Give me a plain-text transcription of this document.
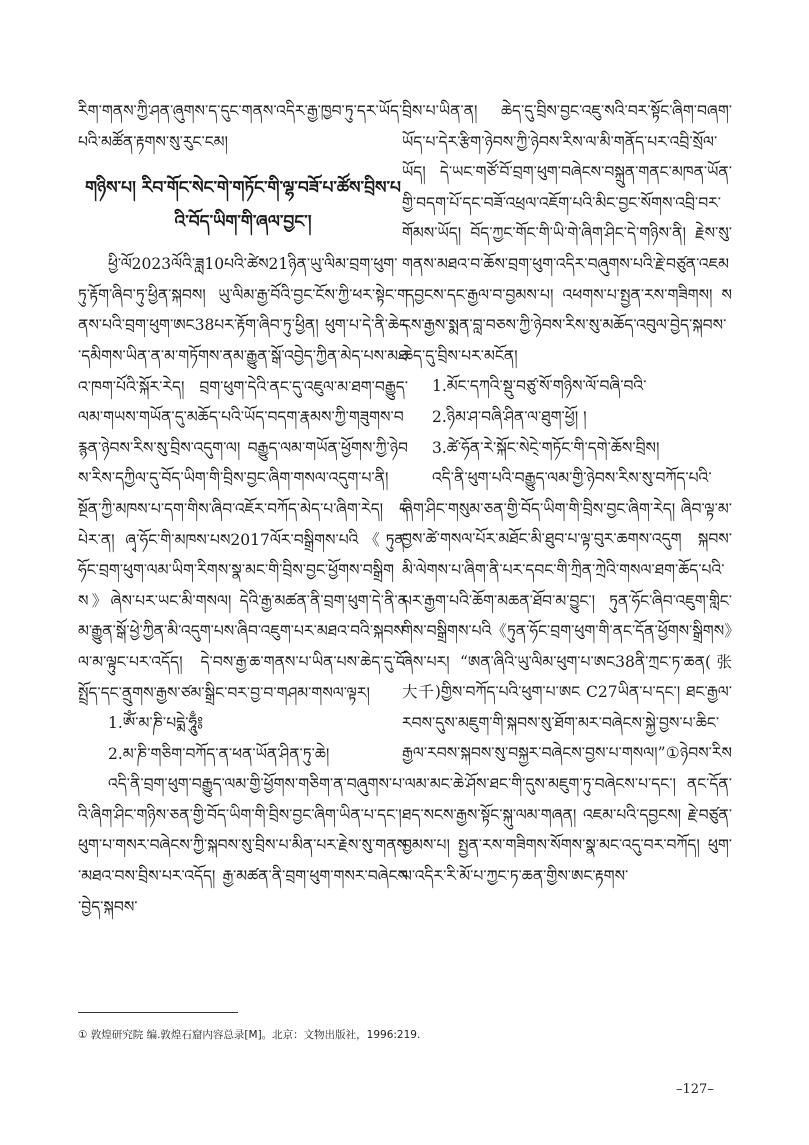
རིག་གནས་ཀྱི་ཤན་ཞུགས་ད་དུང་གནས་འདིར་རྒྱ་ཁྱབ་ཏུ་དར་ཡོད་པའི་མཚོན་རྟགས་སུ་རུང་ངམ།

གཉིས་པ། རིབ་གོང་སེང་གེ་གཏོང་གི་ལྷ་བཟོ་པ་ཚོས་བྲིས་པའི་བོད་ཡིག་གི་ཞལ་བྱང་།

ཕྱི་ལོ2023ལོའི་ཟླ10པའི་ཚེས21ཉིན་ཡུ་ལིམ་བྲག་ཕུག་ཏུ་རྟོག་ཞིབ་ཏུ་ཕྱིན་སྐབས། ཡུ་ལིམ་རྒྱ་བོའི་བྱང་ངོས་ཀྱི་ཕར་སྟེང་གནས་པའི་བྲག་ཕུག་ཨང38པར་རྟོག་ཞིབ་ཏུ་ཕྱིན། ཕུག་པ་དེ་ནི་ཆེད་དམིགས་ཡིན་ན་མ་གཏོགས་ནམ་རྒྱུན་སྒོ་འབྱེད་ཀྱིན་མེད་པས་མཐའ་ཁག་པོའི་སྐོར་རེད། བྲག་ཕུག་དེའི་ནང་དུ་འཇུལ་མ་ཐག་བརྒྱུད་ལམ་གཡས་གཡོན་དུ་མཆོད་པའི་ཡོད་བདག་རྣམས་ཀྱི་གཟུགས་བརྙན་ཉེབས་རིས་སུ་བྲིས་འདུག་ལ། བརྒྱུད་ལམ་གཡོན་ཕྱོགས་ཀྱི་ཉེབས་རིས་དཀྱིལ་དུ་བོད་ཡིག་གི་བྲིས་བྱང་ཞིག་གསལ་འདུག་པ་ནི། སྔོན་ཀྱི་མཁས་པ་དག་གིས་ཞིབ་འཇོར་བཀོད་མེད་པ་ཞིག་རེད། དཔེར་ན། ཞྭ་ཧོང་གི་མཁས་པས2017ལོར་བསྒྲིགས་པའི《ཏུན་ཧོང་བྲག་ཕུག་ལམ་ཡིག་རིགས་སྣ་མང་གི་བྲིས་བྱང་ཕྱོགས་བསྒྲིགས》ཞེས་པར་ཡང་མི་གསལ། དེའི་རྒྱ་མཚན་ནི་བྲག་ཕུག་དེ་ནི་ནམ་རྒྱུན་སྒོ་ཕྱེ་ཀྱིན་མི་འདུག་པས་ཞིབ་འཇུག་པར་མཐའ་བའི་སྐབས་ལ་མ་ལྟུང་པར་འདོད། དེ་བས་རྒྱ་ཆ་གནས་པ་ཡིན་པས་ཆེད་དུ་ངོ་སྤྲོད་དང་ནྲུགས་རྒྱས་ཙམ་སྒྲིང་བར་བྱ་བ་གཤམ་གསལ་ལྟར།

1.ཨོཾ་མ་ཎི་པདྨེ་ཧཱུྃ༔

2.མ་ཎི་གཅིག་བཀོད་ན་ཕན་ཡོན་ཤིན་ཏུ་ཆེ།

འདི་ནི་བྲག་ཕུག་བརྒྱུད་ལམ་གྱི་ཕྱོགས་གཅིག་ན་བཞུགས་པའི་ཞིག་ཤིང་གཉིས་ཅན་གྱི་བོད་ཡིག་གི་བྲིས་བྱང་ཞིག་ཡིན་པ་དང་། ཕུག་པ་གསར་བཞེངས་ཀྱི་སྐབས་སུ་བྲིས་པ་མིན་པར་རྗེས་སུ་གནས་མཐའ་བས་བྲིས་པར་འདོད། རྒྱ་མཚན་ནི་བྲག་ཕུག་གསར་བཞེངས་བྱེད་སྐབས་

བྲིས་པ་ཡིན་ན། ཆེད་དུ་བྲིས་བྱང་འཇུ་སའི་བར་སྟོང་ཞིག་བཞག་ཡོད་པ་དེར་རྩིག་ཉེབས་ཀྱི་ཉེབས་རིས་ལ་མི་གནོད་པར་འབྲི་སྲོལ་ཡོད། དེ་ཡང་གཙོ་བོ་བྲག་ཕུག་བཞེངས་བསྐྲུན་གནང་མཁན་ཡོན་གྱི་བདག་པོ་དང་བཟོ་འཕྲལ་འཇོག་པའི་མིང་བྱང་སོགས་འབྲི་བར་གོམས་ཡོད། བོད་ཀྱང་གོང་གི་ཡི་གེ་ཞིག་ཤིང་དེ་གཉིས་ནི། རྗེས་སུ་གནས་མཐའ་བ་ཆོས་བྲག་ཕུག་འདིར་བཞུགས་པའི་རྗེ་བཙུན་འཇམ་དབྱངས་དང་རྒྱལ་བ་བྱམས་པ། འཕགས་པ་སྤྱན་རས་གཟིགས། སངས་རྒྱས་སྨན་བླ་བཅས་ཀྱི་ཉེབས་རིས་སུ་མཆོད་འབུལ་བྱེད་སྐབས་ཆེད་དུ་བྲིས་པར་མངོན།

1.མོང་དཀའི་སྡུ་བཙུ་སོ་གཉིས་ལོ་བཞི་བའི་

2.ཉིམ་ཤ་བཞི་ཤིན་ལ་ཐུག་ཕྱོ། །

3.ཚེ་ཧོན་རེ་སྐོང་སེང྄ེ་གཏོང་གི་དགེ་ཆོས་བྲིས།

འདི་ནི་ཕུག་པའི་བརྒྱུད་ལམ་གྱི་ཉེབས་རིས་སུ་བཀོད་པའི་ཞིག་ཤིང་གསུམ་ཅན་གྱི་བོད་ཡིག་གི་བྲིས་བྱང་ཞིག་རེད། ཞིབ་ལྟ་མ་བྱས་ཚེ་གསལ་པོར་མཐོང་མི་ཐུབ་པ་ལྟ་བུར་ཆགས་འདུག སྐབས་མི་ལེགས་པ་ཞིག་ནི་པར་དབང་གི་ཀྲིན་ཀྲེའི་གསལ་ཐག་ཆོད་པའི་པར་རྒྱག་པའི་ཆོག་མཆན་ཐོབ་མ་བྱུང་། ཏུན་ཧོང་ཞིབ་འཇུག་གླིང་གིས་བསྒྲིགས་པའི《ཏུན་ཧོང་བྲག་ཕུག་གི་ནང་དོན་ཕྱོགས་སྒྲིགས》ཞེས་པར། “ཨན་ཞིའི་ཡུ་ལིམ་ཕུག་པ་ཨང38ནི་ཀྲང་ཏ་ཆན(张大千)གྱིས་བཀོད་པའི་ཕུག་པ་ཨང C27ཡིན་པ་དང་། ཐང་རྒྱལ་རབས་དུས་མཇུག་གི་སྐབས་སུ་ཐོག་མར་བཞེངས་སྐྱེ་བྱས་པ་ཆིང་རྒྱལ་རབས་སྐབས་སུ་བསྐྱར་བཞེངས་བྱས་པ་གསལ།”①ཉེབས་རིས་ལམ་མང་ཆེ་ཤོས་ཐང་གི་དུས་མཇུག་ཏུ་བཞེངས་པ་དང་། ནང་དོན་ཐད་སངས་རྒྱས་སྟོང་སྐུ་ལམ་གཞན། འཇམ་པའི་དབྱངས། རྗེ་བཙུན་བྱམས་པ། སྤྱན་རས་གཟིགས་སོགས་སྣ་མང་འདུ་བར་བཀོད། ཕུག་པ་འདིར་རི་མོ་པ་ཀྱང་ཏ་ཆན་གྱིས་ཨང་རྟགས་

① 敦煌研究院 编.敦煌石窟内容总录[M]。北京：文物出版社，1996:219.
–127–
